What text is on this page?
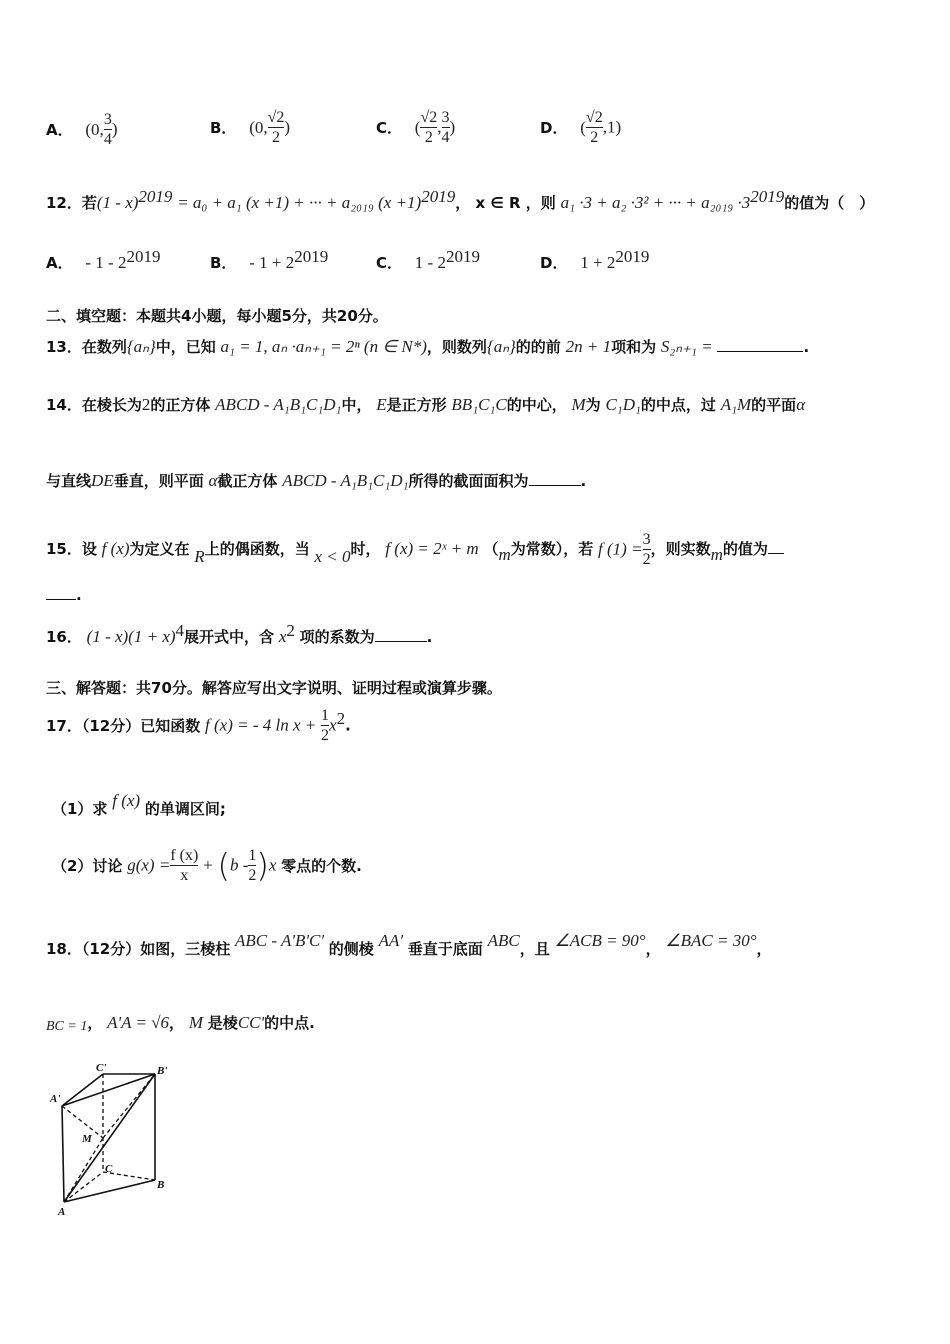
A． (0, $\frac{3}{4}$ )	B． (0, $\frac{√2}{2}$ )	C． ( $\frac{√2}{2}$ , $\frac{3}{4}$ )	D． ( $\frac{√2}{2} ,1$)
12．若(1 - x)$^{2019}$ = a₀ + a₁ (x +1) + ··· + a₂₀₁₉ $(x +1)^{2019}$， x ∈ R ，则 a₁ ·3 + a₂ ·3² + ··· + $a_{2019} \cdot 3^{2019}$的值为（　）
A． - $1 - 2^{2019}$	B． - $1 + 2^{2019}$	C． $1 - 2^{2019}$	D． $1 + 2^{2019}$
二、填空题：本题共4小题，每小题5分，共20分。
13．在数列{aₙ}中，已知 a₁ = 1, aₙ ·aₙ₊₁ = 2ⁿ (n ∈ N*)，则数列{aₙ}的的前 2n + 1项和为 S₂ₙ₊₁ =	.
14．在棱长为2的正方体 ABCD - A₁B₁C₁D₁中， E是正方形 BB₁C₁C的中心， M为 C₁D₁的中点，过 A₁M的平面α
与直线DE垂直，则平面 α截正方体 ABCD - A₁B₁C₁D₁所得的截面面积为	.
15．设 f (x)为定义在 R上的偶函数，当 x < 0时， f (x) = 2ˣ + m （m为常数），若 f $(1) = \frac{3}{2}$ ，则实数m的值为
.
16． $(1 - x)(1 + x)^4$展开式中，含 $x^2$ 项的系数为	.
三、解答题：共70分。解答应写出文字说明、证明过程或演算步骤。
17．（12分）已知函数 f (x) = - 4 $\ln x + \frac{1}{2} x^2$.
（1）求 f (x) 的单调区间;
（2）讨论 $g(x) = \frac{f (x)}{x} + (b - \frac{1}{2} )x$ 零点的个数.
18．（12分）如图，三棱柱 ABC - A'B'C' 的侧棱 AA' 垂直于底面 ABC，且 ∠ACB = 90°， ∠BAC = 30°，
BC = 1， A'A = √6， M 是棱CC'的中点.
C'	B'
A'
M
C
B
A
